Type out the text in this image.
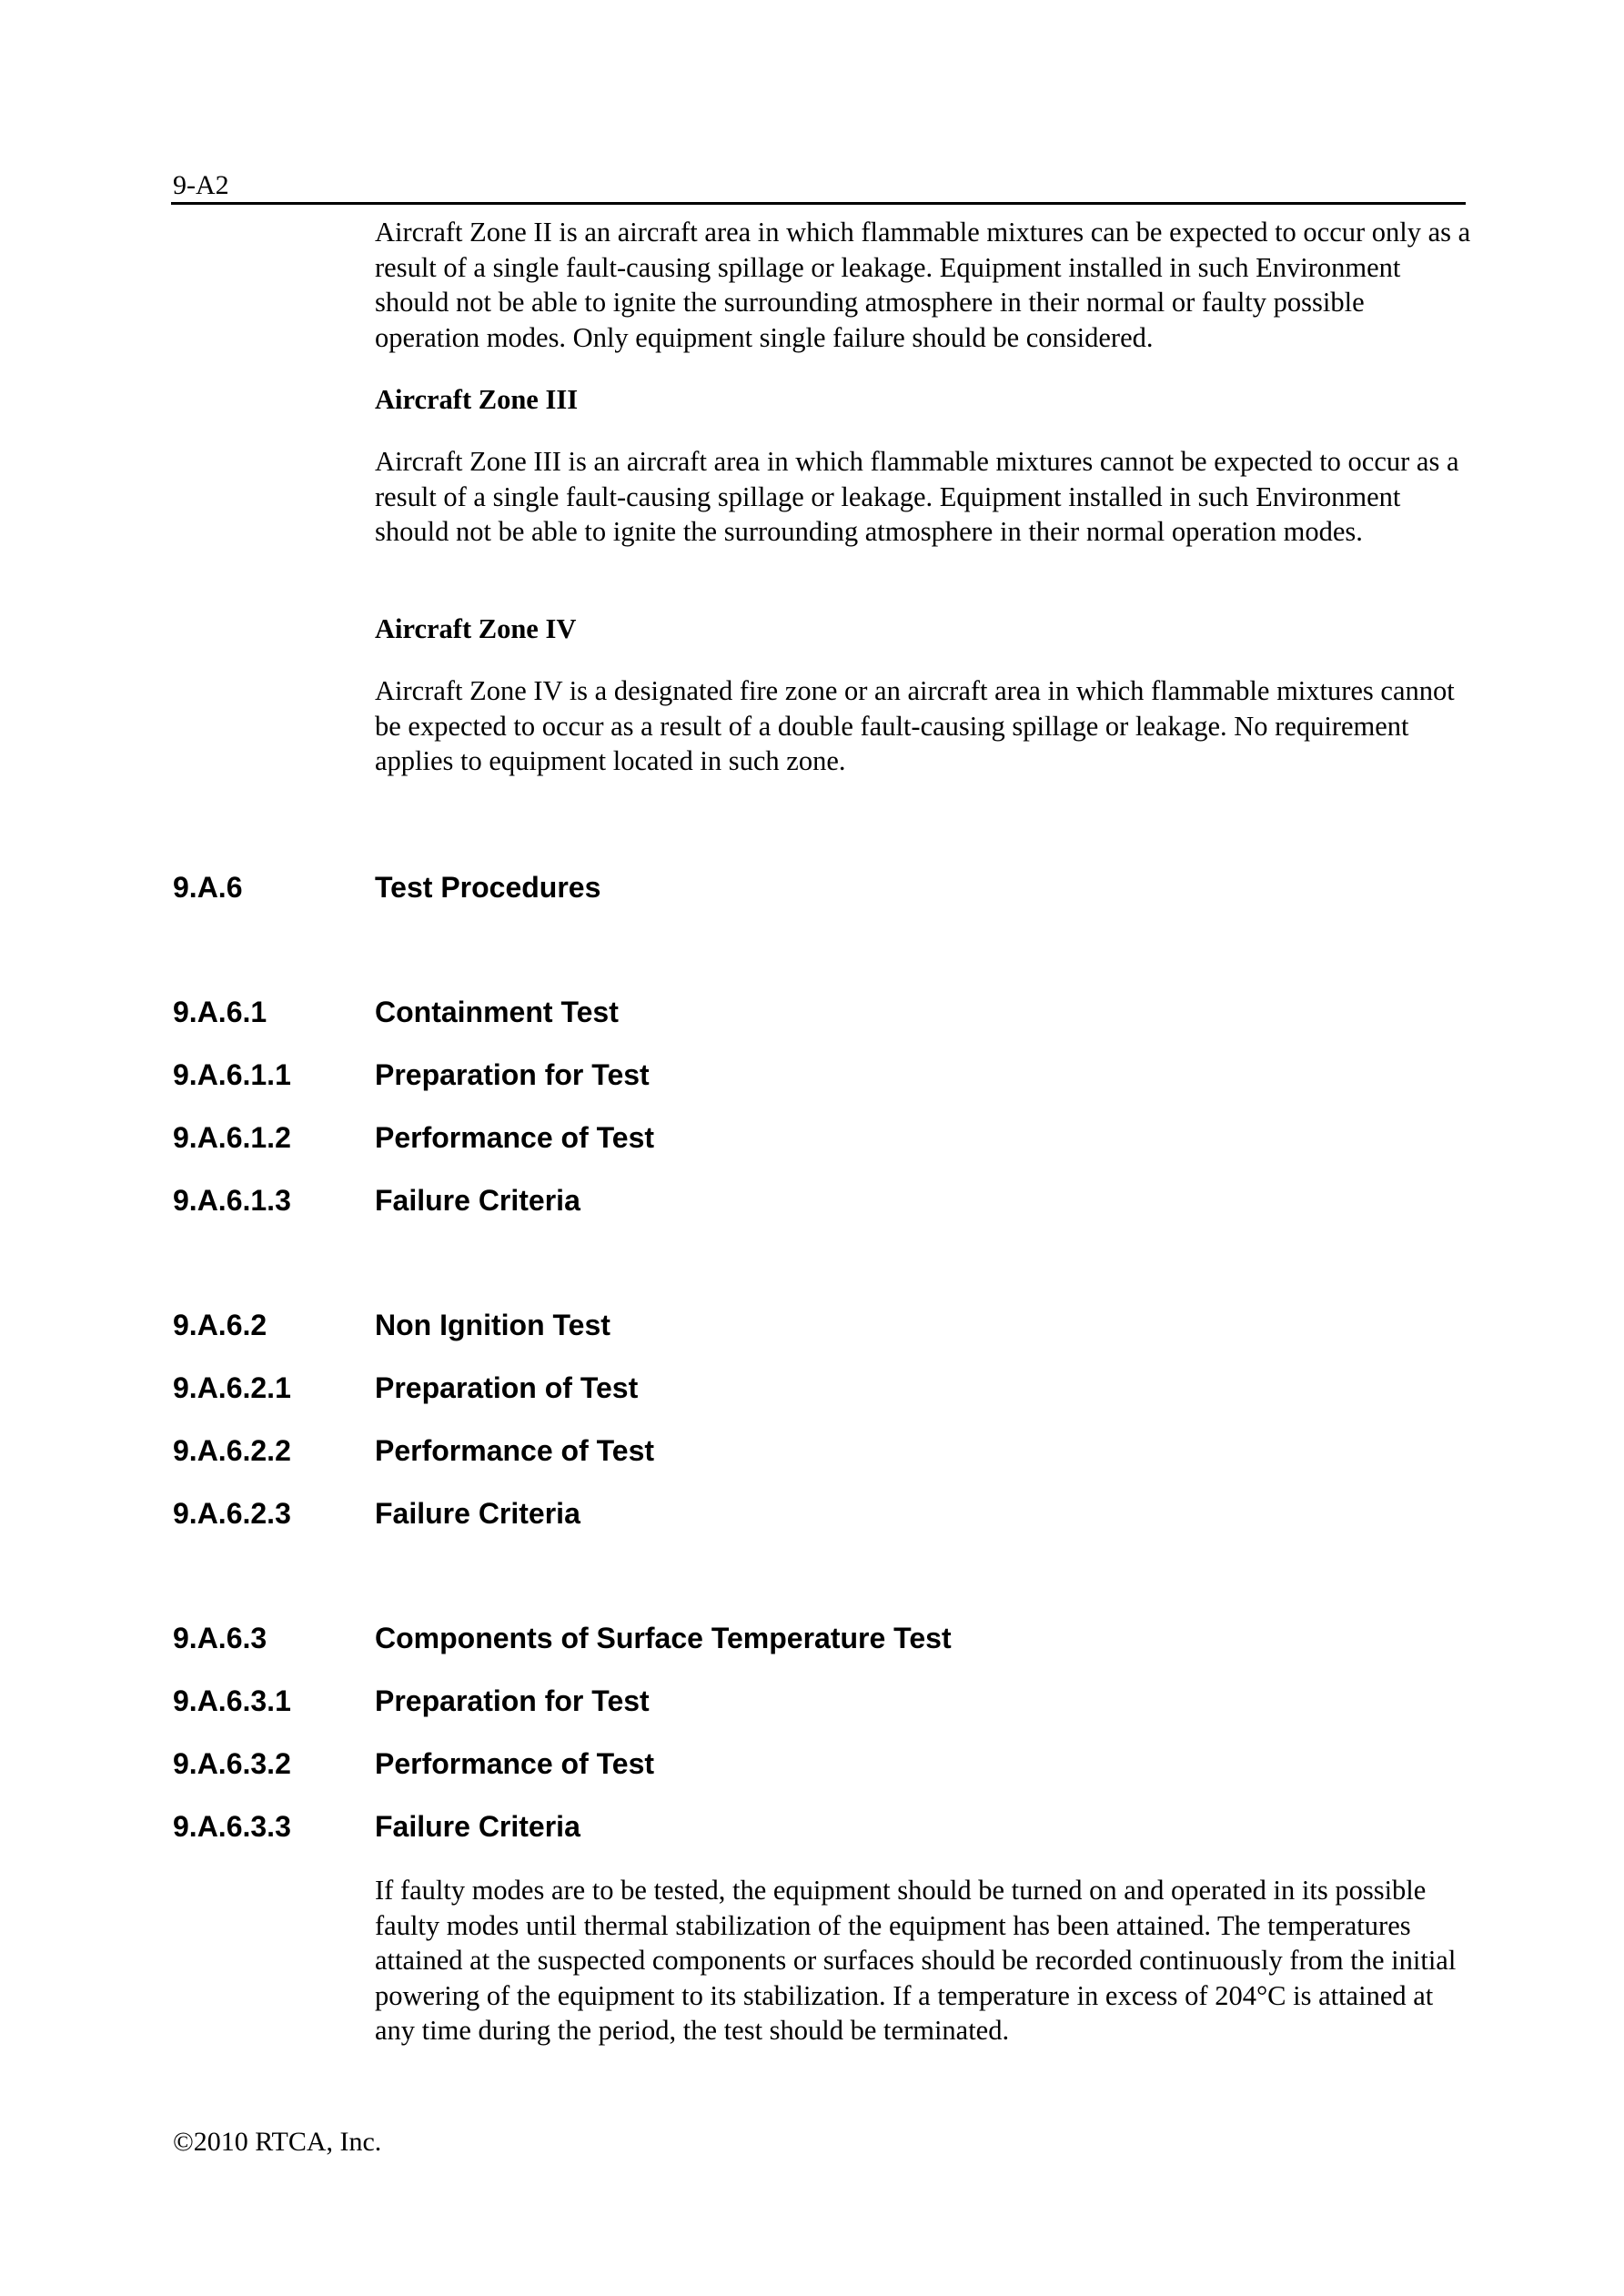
9-A2

Aircraft Zone II is an aircraft area in which flammable mixtures can be expected to occur only as a result of a single fault-causing spillage or leakage. Equipment installed in such Environment should not be able to ignite the surrounding atmosphere in their normal or faulty possible operation modes. Only equipment single failure should be considered.

Aircraft Zone III

Aircraft Zone III is an aircraft area in which flammable mixtures cannot be expected to occur as a result of a single fault-causing spillage or leakage. Equipment installed in such Environment should not be able to ignite the surrounding atmosphere in their normal operation modes.

Aircraft Zone IV

Aircraft Zone IV is a designated fire zone or an aircraft area in which flammable mixtures cannot be expected to occur as a result of a double fault-causing spillage or leakage. No requirement applies to equipment located in such zone.

9.A.6	Test Procedures
9.A.6.1	Containment Test
9.A.6.1.1	Preparation for Test
9.A.6.1.2	Performance of Test
9.A.6.1.3	Failure Criteria
9.A.6.2	Non Ignition Test
9.A.6.2.1	Preparation of Test
9.A.6.2.2	Performance of Test
9.A.6.2.3	Failure Criteria
9.A.6.3	Components of Surface Temperature Test
9.A.6.3.1	Preparation for Test
9.A.6.3.2	Performance of Test
9.A.6.3.3	Failure Criteria

If faulty modes are to be tested, the equipment should be turned on and operated in its possible faulty modes until thermal stabilization of the equipment has been attained. The temperatures attained at the suspected components or surfaces should be recorded continuously from the initial powering of the equipment to its stabilization. If a temperature in excess of 204°C is attained at any time during the period, the test should be terminated.

©2010 RTCA, Inc.
